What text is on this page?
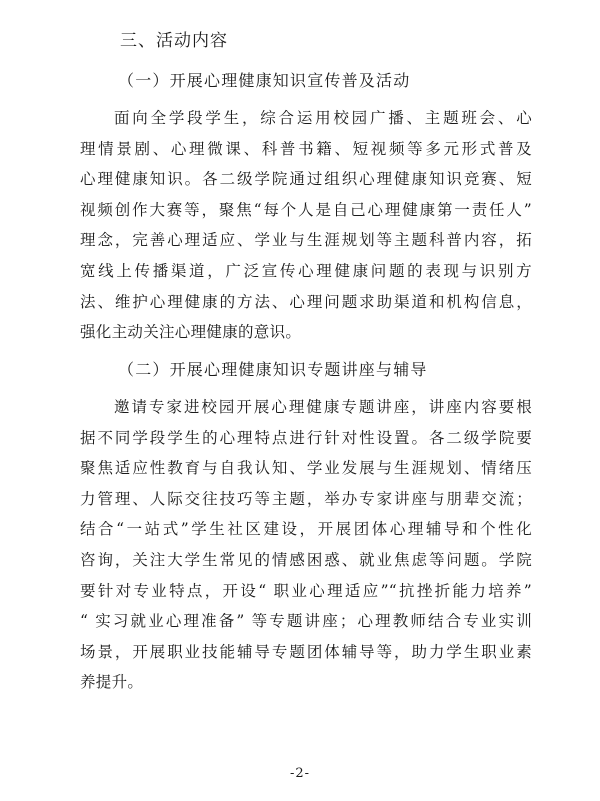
三、活动内容
（一）开展心理健康知识宣传普及活动
面向全学段学生，综合运用校园广播、主题班会、心
理情景剧、心理微课、科普书籍、短视频等多元形式普及
心理健康知识。各二级学院通过组织心理健康知识竞赛、短
视频创作大赛等，聚焦“每个人是自己心理健康第一责任人”
理念，完善心理适应、学业与生涯规划等主题科普内容，拓
宽线上传播渠道，广泛宣传心理健康问题的表现与识别方
法、维护心理健康的方法、心理问题求助渠道和机构信息，
强化主动关注心理健康的意识。
（二）开展心理健康知识专题讲座与辅导
邀请专家进校园开展心理健康专题讲座，讲座内容要根
据不同学段学生的心理特点进行针对性设置。各二级学院要
聚焦适应性教育与自我认知、学业发展与生涯规划、情绪压
力管理、人际交往技巧等主题，举办专家讲座与朋辈交流；
结合“一站式”学生社区建设，开展团体心理辅导和个性化
咨询，关注大学生常见的情感困惑、就业焦虑等问题。学院
要针对专业特点，开设“ 职业心理适应”“抗挫折能力培养”
“ 实习就业心理准备” 等专题讲座；心理教师结合专业实训
场景，开展职业技能辅导专题团体辅导等，助力学生职业素
养提升。
-2-
